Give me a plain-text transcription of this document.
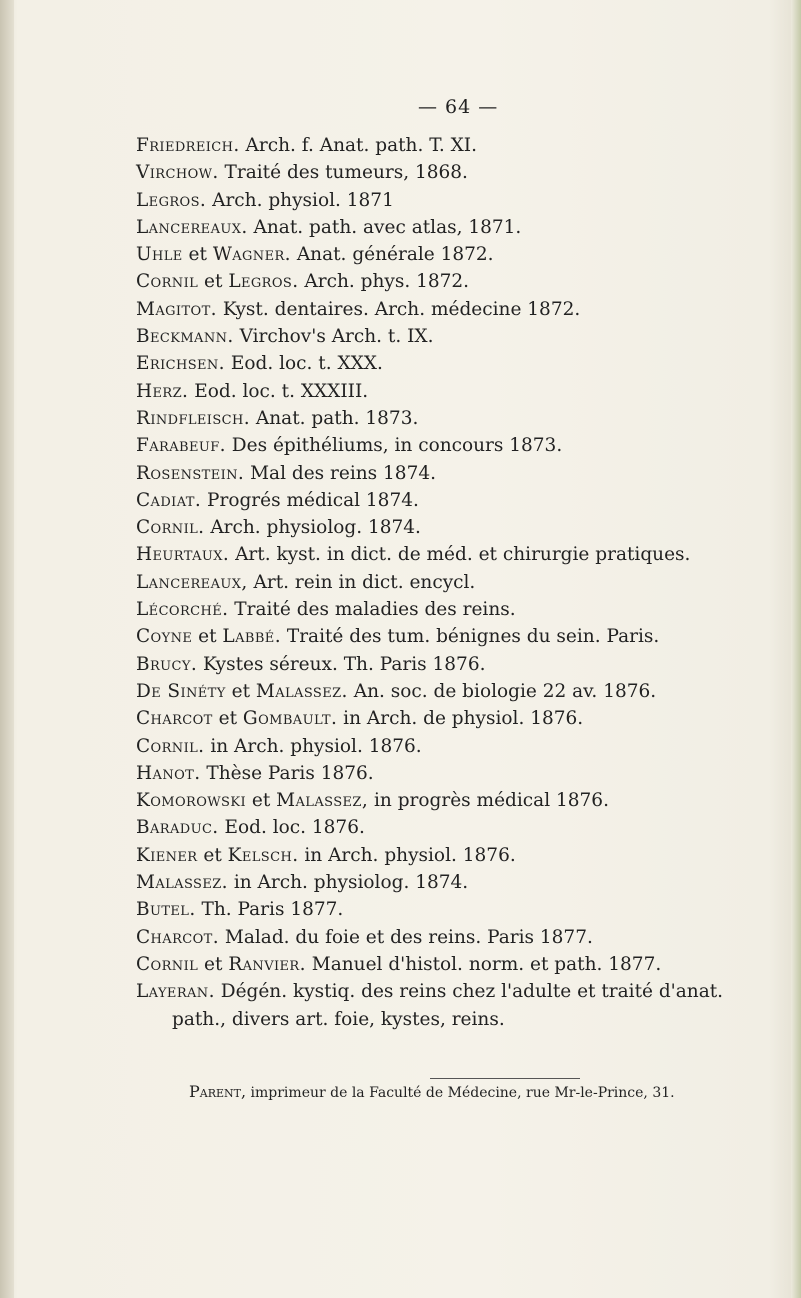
— 64 —
Friedreich. Arch. f. Anat. path. T. XI.
Virchow. Traité des tumeurs, 1868.
Legros. Arch. physiol. 1871
Lancereaux. Anat. path. avec atlas, 1871.
Uhle et Wagner. Anat. générale 1872.
Cornil et Legros. Arch. phys. 1872.
Magitot. Kyst. dentaires. Arch. médecine 1872.
Beckmann. Virchov's Arch. t. IX.
Erichsen. Eod. loc. t. XXX.
Herz. Eod. loc. t. XXXIII.
Rindfleisch. Anat. path. 1873.
Farabeuf. Des épithéliums, in concours 1873.
Rosenstein. Mal des reins 1874.
Cadiat. Progrés médical 1874.
Cornil. Arch. physiolog. 1874.
Heurtaux. Art. kyst. in dict. de méd. et chirurgie pratiques.
Lancereaux, Art. rein in dict. encycl.
Lécorché. Traité des maladies des reins.
Coyne et Labbé. Traité des tum. bénignes du sein. Paris.
Brucy. Kystes séreux. Th. Paris 1876.
De Sinéty et Malassez. An. soc. de biologie 22 av. 1876.
Charcot et Gombault. in Arch. de physiol. 1876.
Cornil. in Arch. physiol. 1876.
Hanot. Thèse Paris 1876.
Komorowski et Malassez, in progrès médical 1876.
Baraduc. Eod. loc. 1876.
Kiener et Kelsch. in Arch. physiol. 1876.
Malassez. in Arch. physiolog. 1874.
Butel. Th. Paris 1877.
Charcot. Malad. du foie et des reins. Paris 1877.
Cornil et Ranvier. Manuel d'histol. norm. et path. 1877.
Layeran. Dégén. kystiq. des reins chez l'adulte et traité d'anat.
path., divers art. foie, kystes, reins.
Parent, imprimeur de la Faculté de Médecine, rue Mr-le-Prince, 31.
